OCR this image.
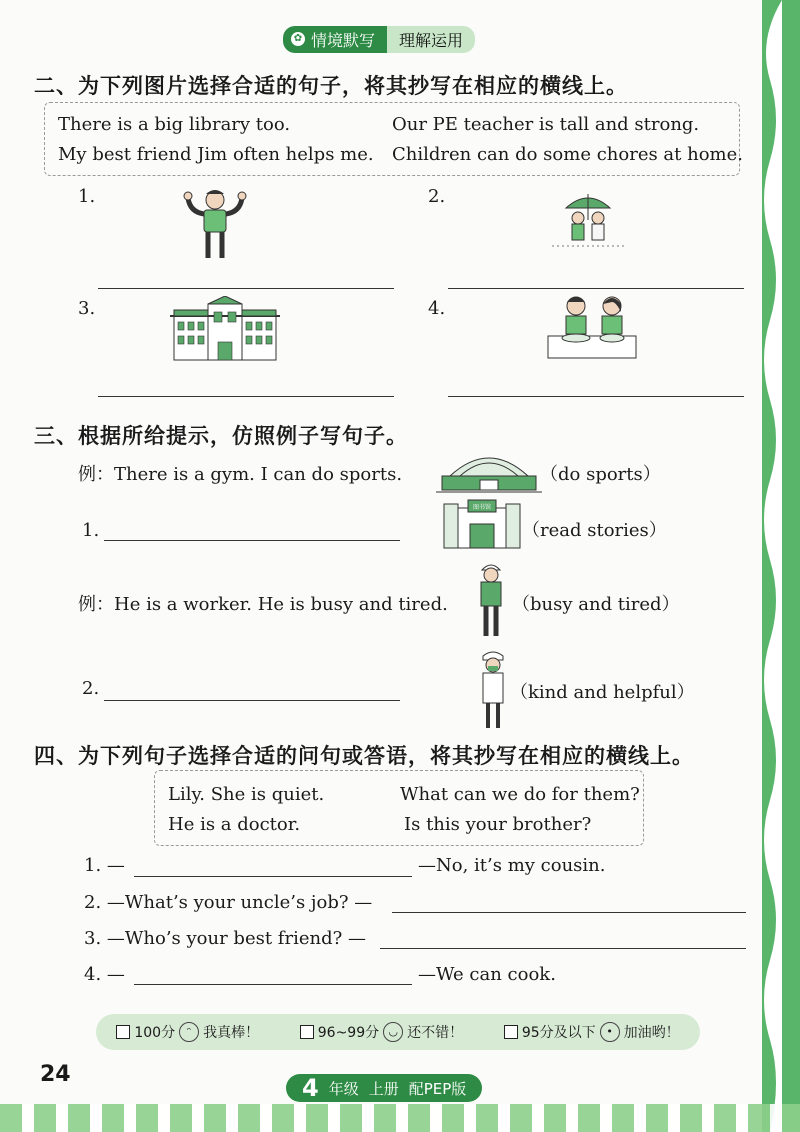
✿ 情境默写	理解运用
二、为下列图片选择合适的句子，将其抄写在相应的横线上。
There is a big library too.	Our PE teacher is tall and strong.
My best friend Jim often helps me. Children can do some chores at home.
1.	2.
3.	4.
三、根据所给提示，仿照例子写句子。
例：There is a gym. I can do sports.	（do sports）
1.
图书馆
（read stories）
例：He is a worker. He is busy and tired.	（busy and tired）
2.	（kind and helpful）
四、为下列句子选择合适的问句或答语，将其抄写在相应的横线上。
Lily. She is quiet.	What can we do for them?
He is a doctor.	Is this your brother?
1. —	—No, it’s my cousin.
2. —What’s your uncle’s job? —
3. —Who’s your best friend? —
4. —	—We can cook.
100分	ᵔ 我真棒！	96~99分 ◡ 还不错！	95分及以下 • 加油哟！
24	4 年级 上册 配PEP版
